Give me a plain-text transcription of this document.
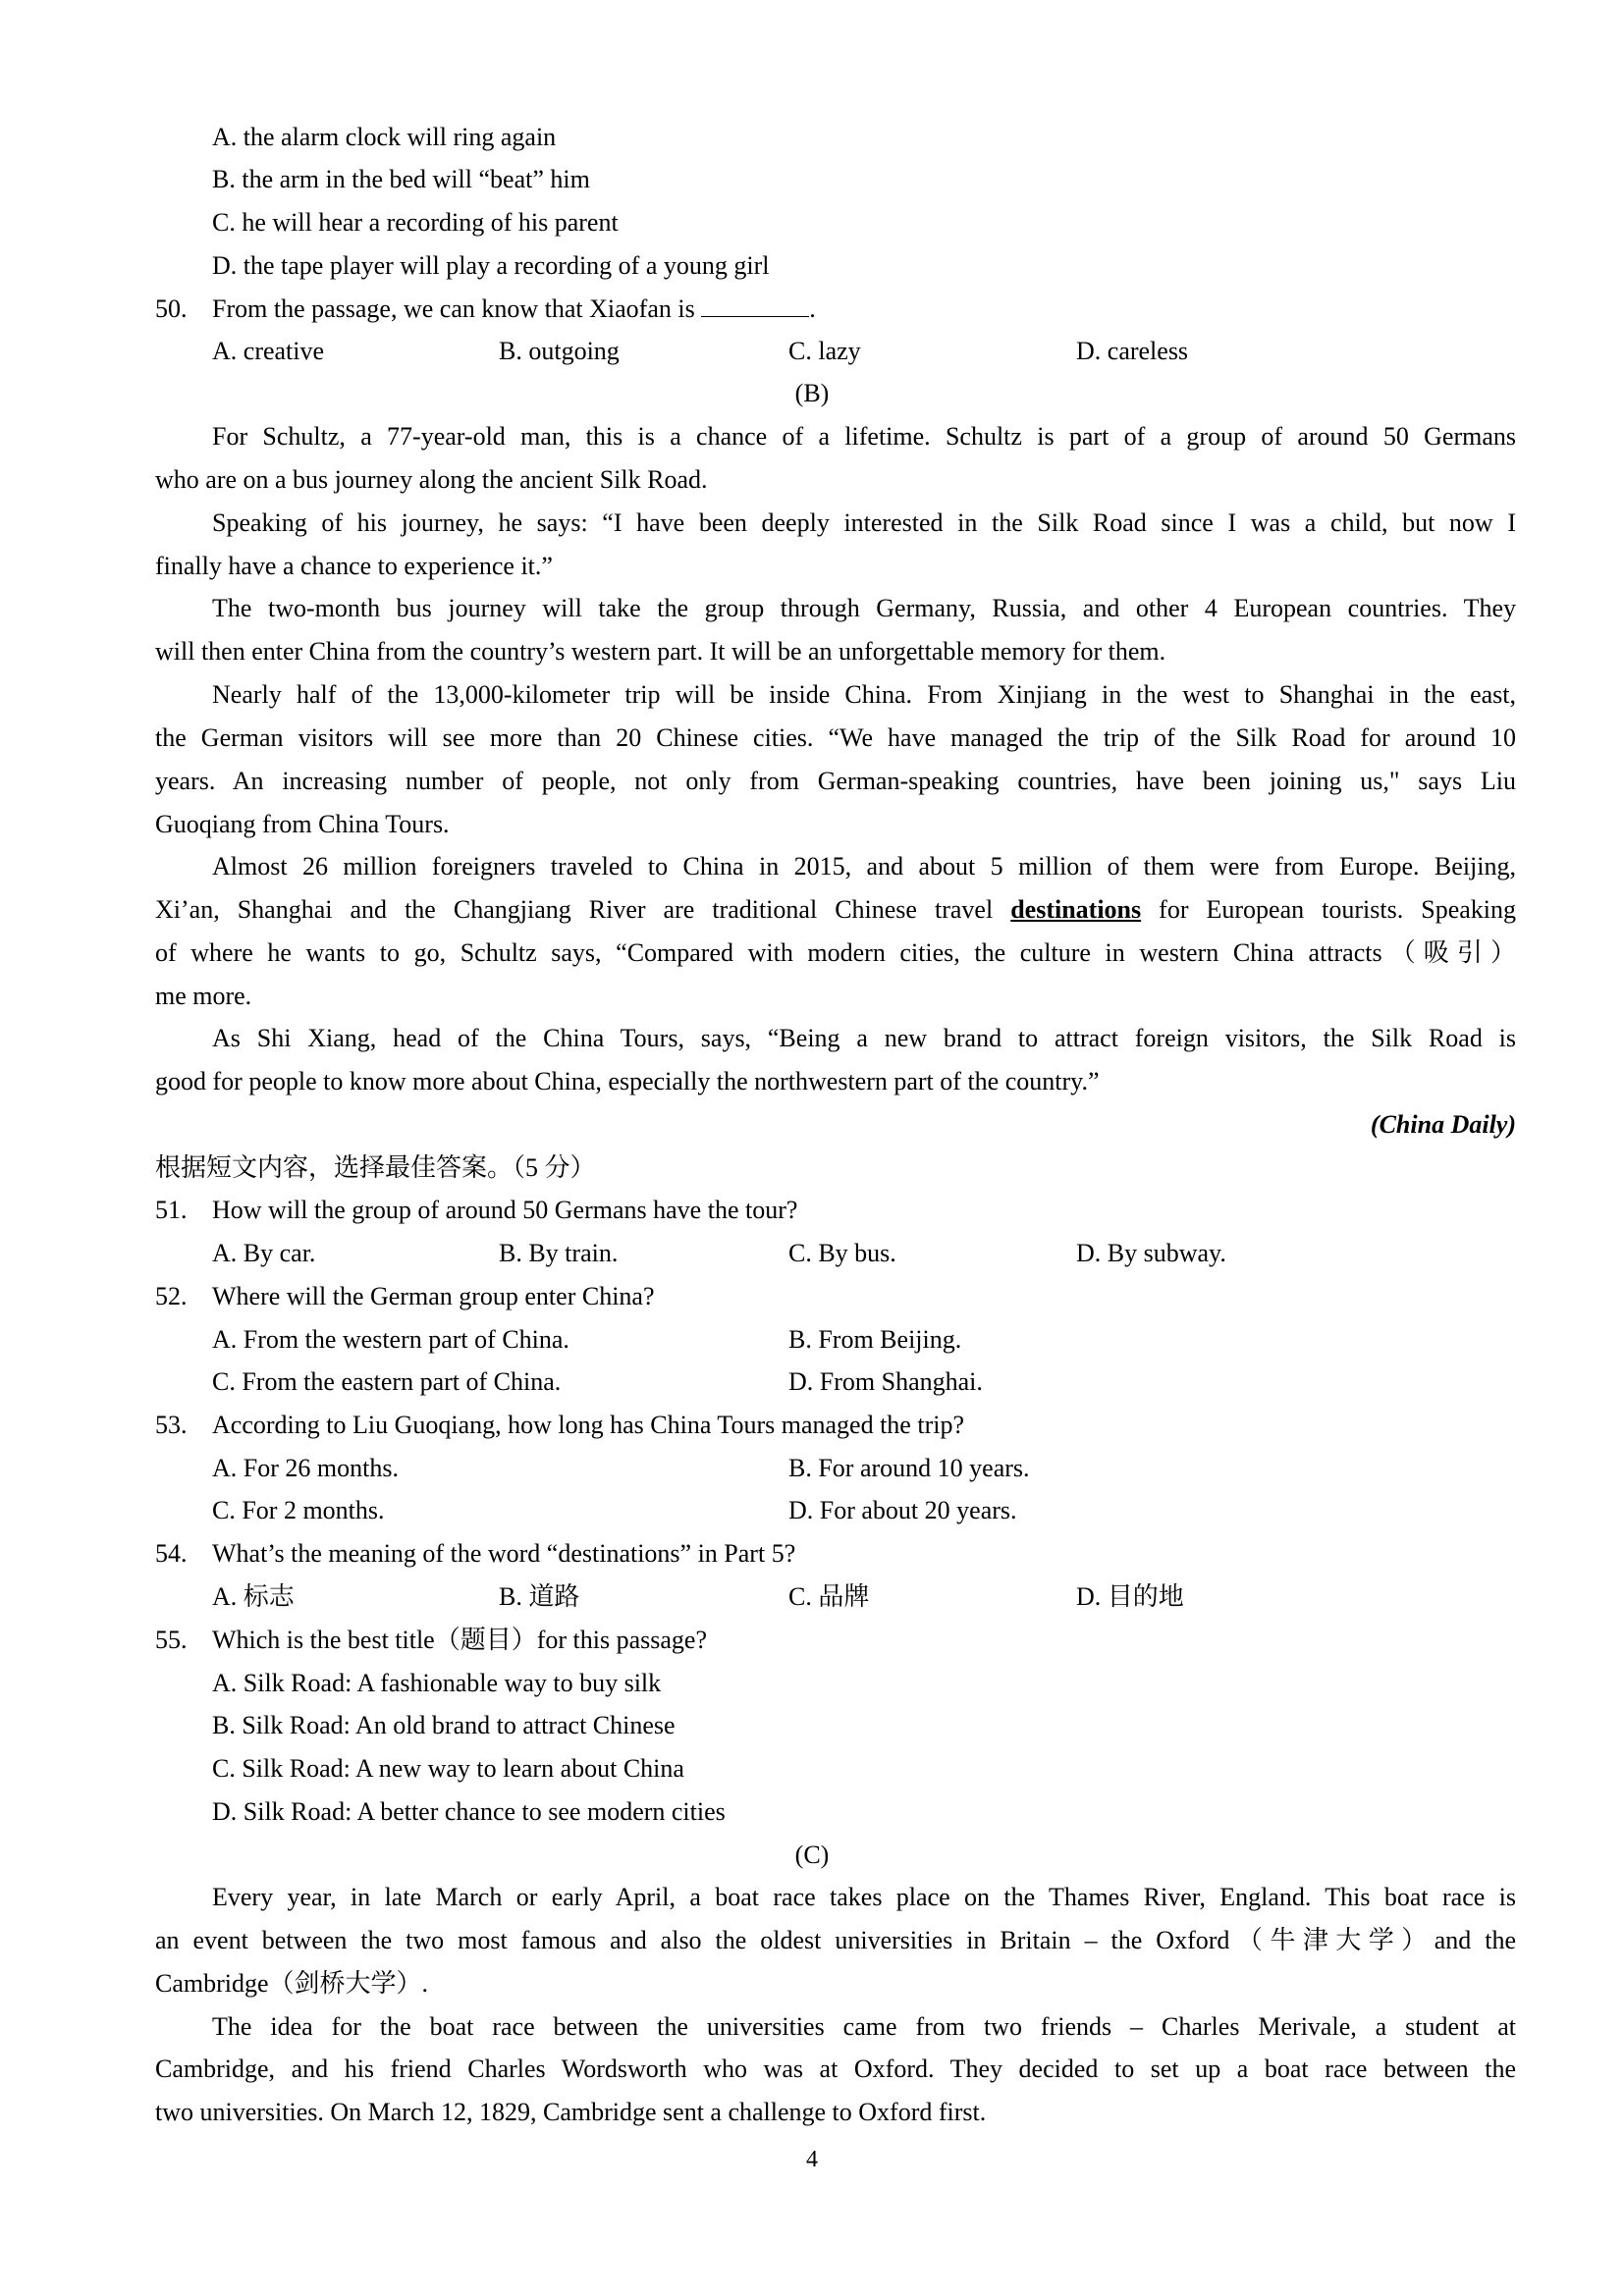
A. the alarm clock will ring again
B. the arm in the bed will “beat” him
C. he will hear a recording of his parent
D. the tape player will play a recording of a young girl
50. From the passage, we can know that Xiaofan is	.
A. creative	B. outgoing	C. lazy	D. careless
(B)
For Schultz, a 77-year-old man, this is a chance of a lifetime. Schultz is part of a group of around 50 Germans
who are on a bus journey along the ancient Silk Road.
Speaking of his journey, he says: “I have been deeply interested in the Silk Road since I was a child, but now I
finally have a chance to experience it.”
The two-month bus journey will take the group through Germany, Russia, and other 4 European countries. They
will then enter China from the country’s western part. It will be an unforgettable memory for them.
Nearly half of the 13,000-kilometer trip will be inside China. From Xinjiang in the west to Shanghai in the east,
the German visitors will see more than 20 Chinese cities. “We have managed the trip of the Silk Road for around 10
years. An increasing number of people, not only from German-speaking countries, have been joining us," says Liu
Guoqiang from China Tours.
Almost 26 million foreigners traveled to China in 2015, and about 5 million of them were from Europe. Beijing,
Xi’an, Shanghai and the Changjiang River are traditional Chinese travel destinations for European tourists. Speaking
of where he wants to go, Schultz says, “Compared with modern cities, the culture in western China attracts（吸引）
me more.
As Shi Xiang, head of the China Tours, says, “Being a new brand to attract foreign visitors, the Silk Road is
good for people to know more about China, especially the northwestern part of the country.”
(China Daily)
根据短文内容，选择最佳答案。（5 分）
51. How will the group of around 50 Germans have the tour?
A. By car.	B. By train.	C. By bus.	D. By subway.
52. Where will the German group enter China?
A. From the western part of China.	B. From Beijing.
C. From the eastern part of China.	D. From Shanghai.
53. According to Liu Guoqiang, how long has China Tours managed the trip?
A. For 26 months.	B. For around 10 years.
C. For 2 months.	D. For about 20 years.
54. What’s the meaning of the word “destinations” in Part 5?
A. 标志	B. 道路	C. 品牌	D. 目的地
55. Which is the best title（题目）for this passage?
A. Silk Road: A fashionable way to buy silk
B. Silk Road: An old brand to attract Chinese
C. Silk Road: A new way to learn about China
D. Silk Road: A better chance to see modern cities
(C)
Every year, in late March or early April, a boat race takes place on the Thames River, England. This boat race is
an event between the two most famous and also the oldest universities in Britain – the Oxford（牛津大学）and the
Cambridge（剑桥大学）.
The idea for the boat race between the universities came from two friends – Charles Merivale, a student at
Cambridge, and his friend Charles Wordsworth who was at Oxford. They decided to set up a boat race between the
two universities. On March 12, 1829, Cambridge sent a challenge to Oxford first.
4
